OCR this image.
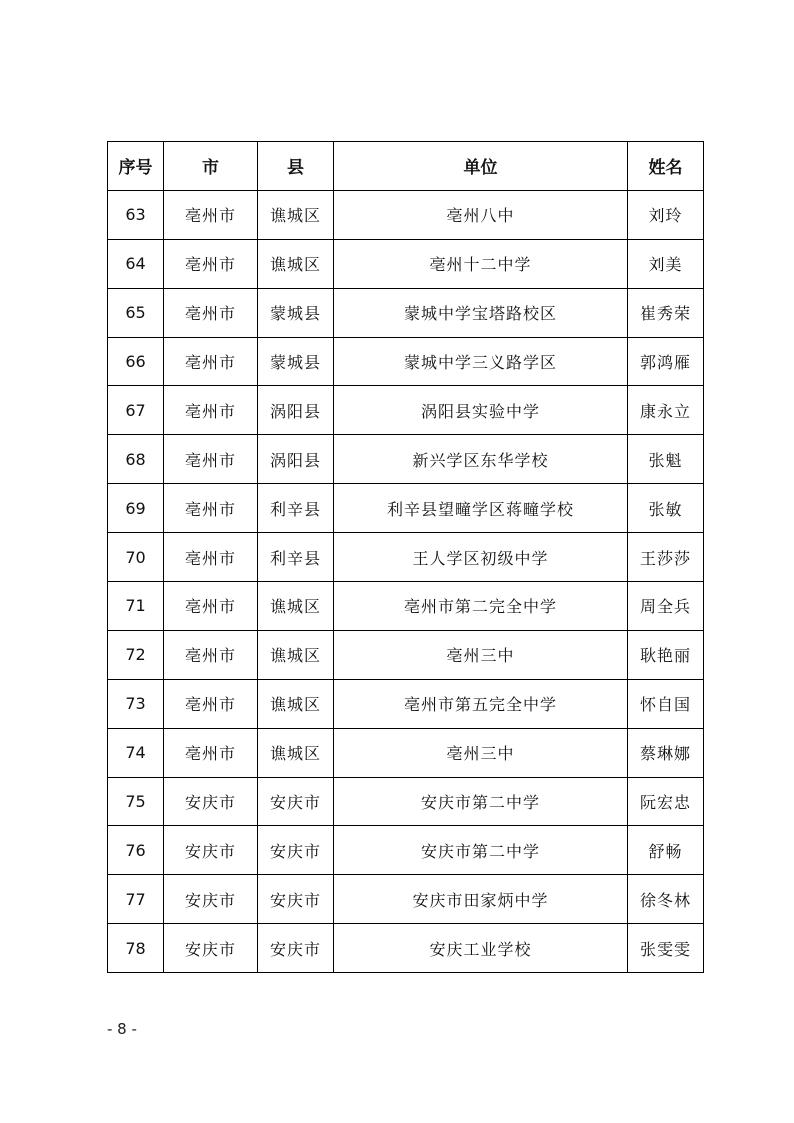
序号	市	县	单位	姓名
63	亳州市	谯城区	亳州八中	刘玲
64	亳州市	谯城区	亳州十二中学	刘美
65	亳州市	蒙城县	蒙城中学宝塔路校区	崔秀荣
66	亳州市	蒙城县	蒙城中学三义路学区	郭鸿雁
67	亳州市	涡阳县	涡阳县实验中学	康永立
68	亳州市	涡阳县	新兴学区东华学校	张魁
69	亳州市	利辛县	利辛县望疃学区蒋疃学校	张敏
70	亳州市	利辛县	王人学区初级中学	王莎莎
71	亳州市	谯城区	亳州市第二完全中学	周全兵
72	亳州市	谯城区	亳州三中	耿艳丽
73	亳州市	谯城区	亳州市第五完全中学	怀自国
74	亳州市	谯城区	亳州三中	蔡琳娜
75	安庆市	安庆市	安庆市第二中学	阮宏忠
76	安庆市	安庆市	安庆市第二中学	舒畅
77	安庆市	安庆市	安庆市田家炳中学	徐冬林
78	安庆市	安庆市	安庆工业学校	张雯雯
- 8 -
